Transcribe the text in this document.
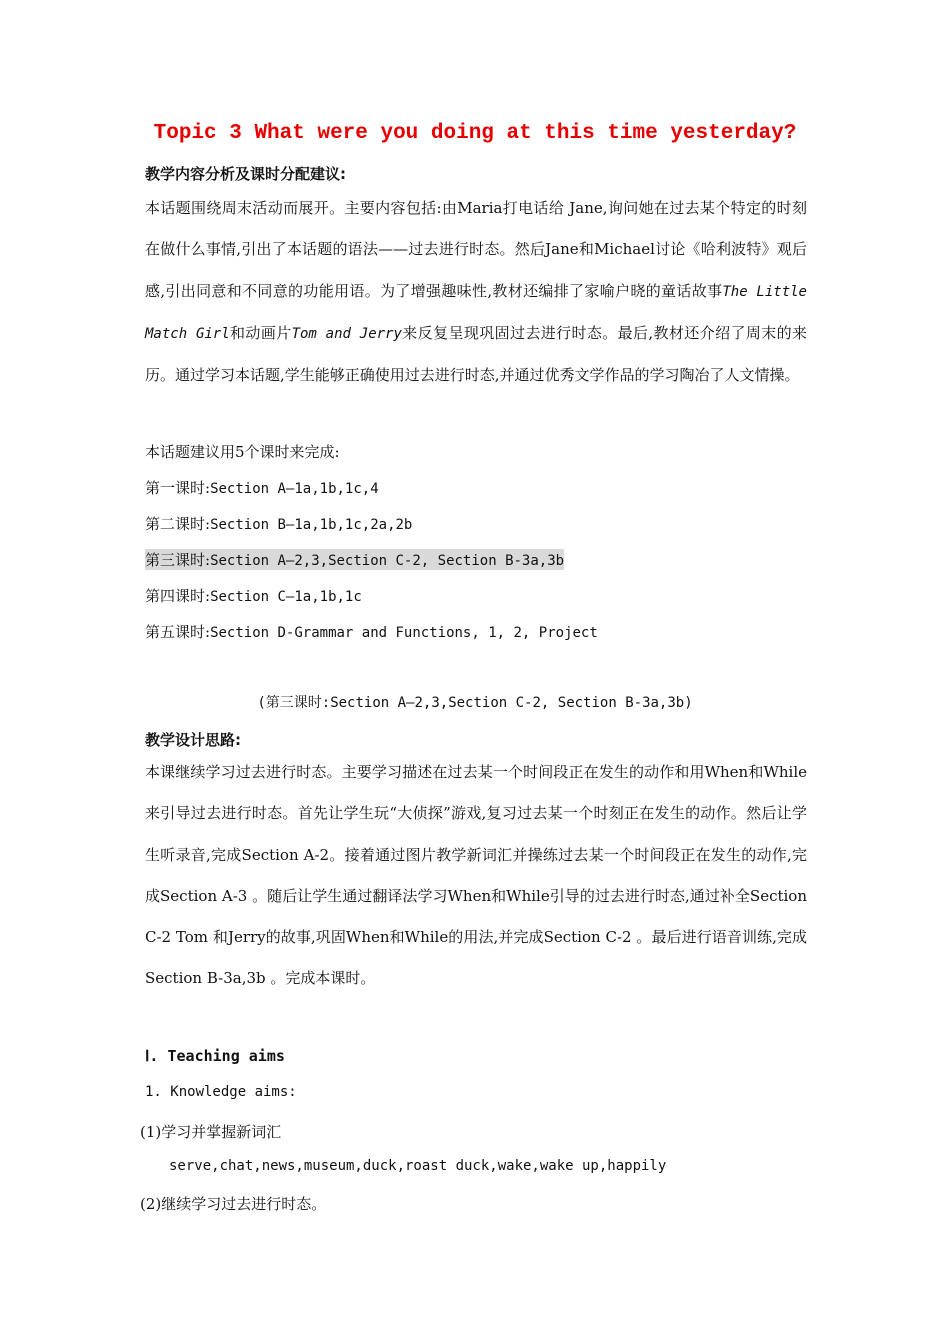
Topic 3 What were you doing at this time yesterday?
教学内容分析及课时分配建议:
本话题围绕周末活动而展开。主要内容包括:由Maria打电话给 Jane,询问她在过去某个特定的时刻在做什么事情,引出了本话题的语法——过去进行时态。然后Jane和Michael讨论《哈利波特》观后感,引出同意和不同意的功能用语。为了增强趣味性,教材还编排了家喻户晓的童话故事The Little Match Girl和动画片Tom and Jerry来反复呈现巩固过去进行时态。最后,教材还介绍了周末的来历。通过学习本话题,学生能够正确使用过去进行时态,并通过优秀文学作品的学习陶冶了人文情操。
本话题建议用5个课时来完成:
第一课时:Section A—1a,1b,1c,4
第二课时:Section B—1a,1b,1c,2a,2b
第三课时:Section A—2,3,Section C-2, Section B-3a,3b
第四课时:Section C—1a,1b,1c
第五课时:Section D-Grammar and Functions, 1, 2, Project
(第三课时:Section A—2,3,Section C-2, Section B-3a,3b)
教学设计思路:
本课继续学习过去进行时态。主要学习描述在过去某一个时间段正在发生的动作和用When和While 来引导过去进行时态。首先让学生玩“大侦探”游戏,复习过去某一个时刻正在发生的动作。然后让学生听录音,完成Section A-2。接着通过图片教学新词汇并操练过去某一个时间段正在发生的动作,完成Section A-3 。随后让学生通过翻译法学习When和While引导的过去进行时态,通过补全Section C-2 Tom 和Jerry的故事,巩固When和While的用法,并完成Section C-2 。最后进行语音训练,完成Section B-3a,3b 。完成本课时。
Ⅰ. Teaching aims
1. Knowledge aims:
(1)学习并掌握新词汇
serve,chat,news,museum,duck,roast duck,wake,wake up,happily
(2)继续学习过去进行时态。
